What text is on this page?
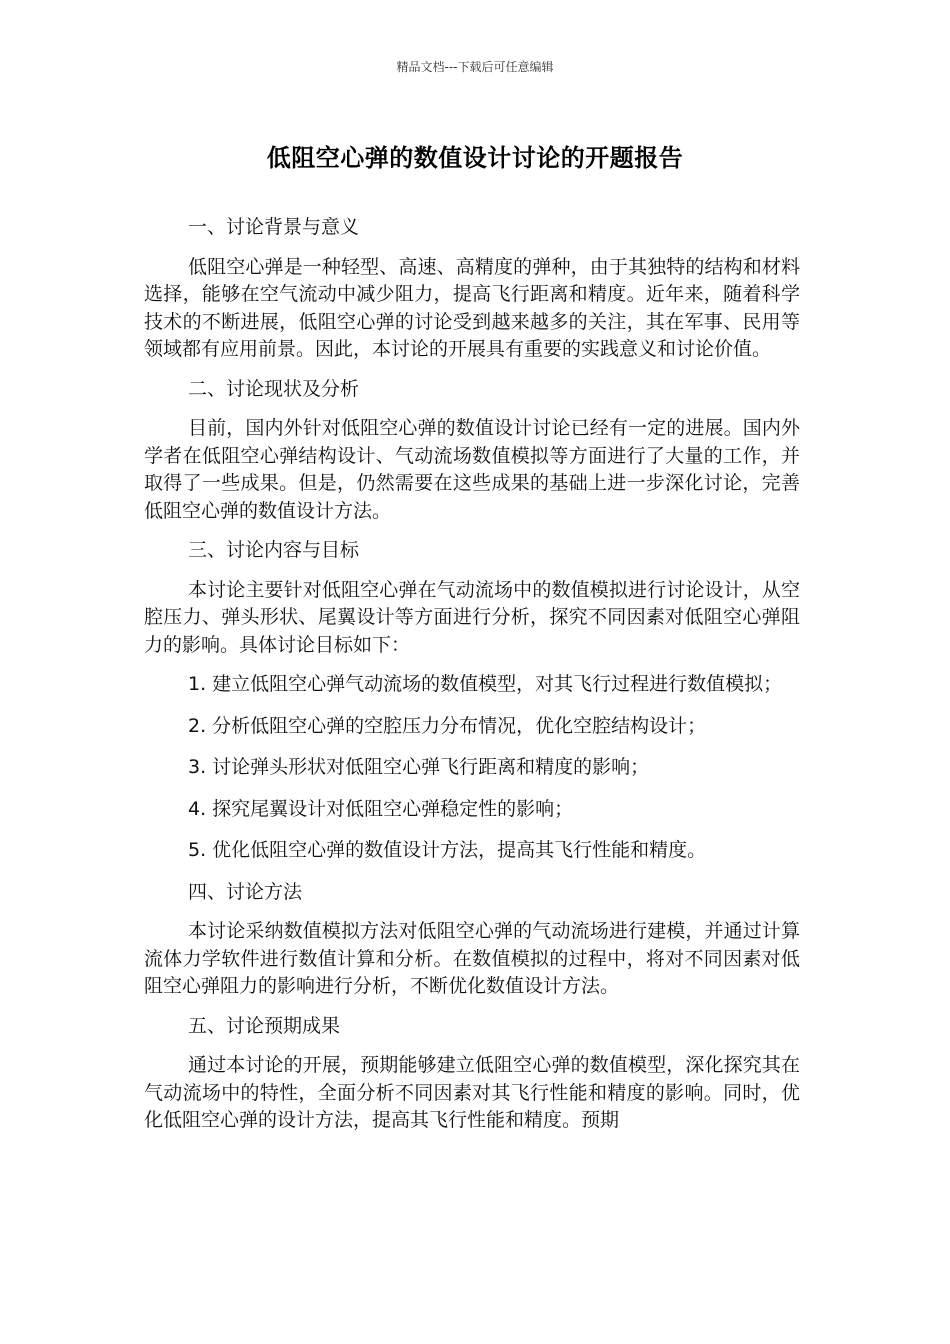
精品文档---下载后可任意编辑
低阻空心弹的数值设计讨论的开题报告

一、讨论背景与意义

低阻空心弹是一种轻型、高速、高精度的弹种，由于其独特的结构和材料选择，能够在空气流动中减少阻力，提高飞行距离和精度。近年来，随着科学技术的不断进展，低阻空心弹的讨论受到越来越多的关注，其在军事、民用等领域都有应用前景。因此，本讨论的开展具有重要的实践意义和讨论价值。

二、讨论现状及分析

目前，国内外针对低阻空心弹的数值设计讨论已经有一定的进展。国内外学者在低阻空心弹结构设计、气动流场数值模拟等方面进行了大量的工作，并取得了一些成果。但是，仍然需要在这些成果的基础上进一步深化讨论，完善低阻空心弹的数值设计方法。

三、讨论内容与目标

本讨论主要针对低阻空心弹在气动流场中的数值模拟进行讨论设计，从空腔压力、弹头形状、尾翼设计等方面进行分析，探究不同因素对低阻空心弹阻力的影响。具体讨论目标如下：

1. 建立低阻空心弹气动流场的数值模型，对其飞行过程进行数值模拟；

2. 分析低阻空心弹的空腔压力分布情况，优化空腔结构设计；

3. 讨论弹头形状对低阻空心弹飞行距离和精度的影响；

4. 探究尾翼设计对低阻空心弹稳定性的影响；

5. 优化低阻空心弹的数值设计方法，提高其飞行性能和精度。

四、讨论方法

本讨论采纳数值模拟方法对低阻空心弹的气动流场进行建模，并通过计算流体力学软件进行数值计算和分析。在数值模拟的过程中，将对不同因素对低阻空心弹阻力的影响进行分析，不断优化数值设计方法。

五、讨论预期成果

通过本讨论的开展，预期能够建立低阻空心弹的数值模型，深化探究其在气动流场中的特性，全面分析不同因素对其飞行性能和精度的影响。同时，优化低阻空心弹的设计方法，提高其飞行性能和精度。预期
